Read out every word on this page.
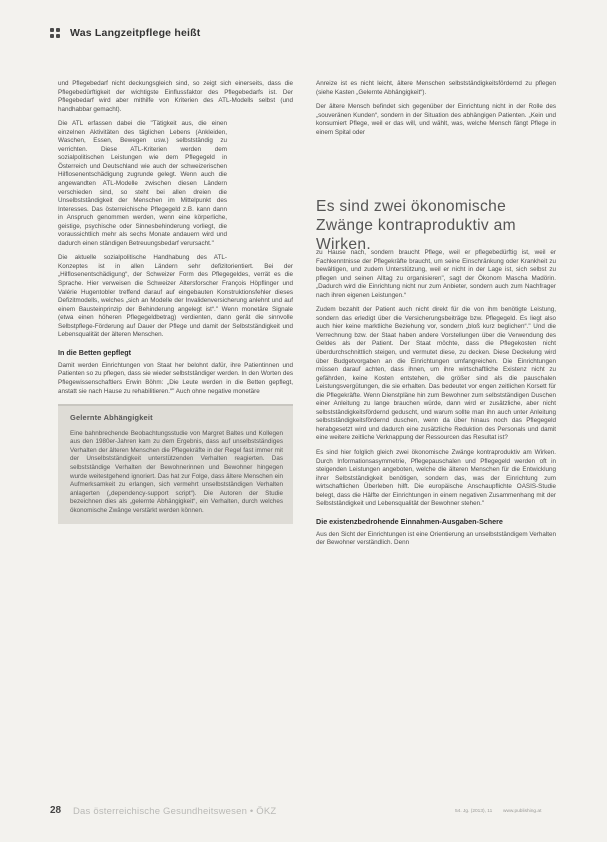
Was Langzeitpflege heißt

und Pflegebedarf nicht deckungsgleich sind, so zeigt sich einerseits, dass die Pflegebedürftigkeit der wichtigste Einflussfaktor des Pflegebedarfs ist. Der Pflegebedarf wird aber mithilfe von Kriterien des ATL-Modells selbst (und handhabbar gemacht).

Die ATL erfassen dabei die "Tätigkeit aus, die einen einzelnen Aktivitäten des täglichen Lebens (Ankleiden, Waschen, Essen, Bewegen usw.) selbstständig zu verrichten. Diese ATL-Kriterien werden dem sozialpolitischen Leistungen wie dem Pflegegeld in Österreich und Deutschland wie auch der schweizerischen Hilflosenentschädigung zugrunde gelegt. Wenn auch die angewandten ATL-Modelle zwischen diesen Ländern verschieden sind, so steht bei allen dreien die Unselbstständigkeit der Menschen im Mittelpunkt des Interesses. Das österreichische Pflegegeld z.B. kann dann in Anspruch genommen werden, wenn eine körperliche, geistige, psychische oder Sinnesbehinderung vorliegt, die voraussichtlich mehr als sechs Monate andauern wird und dadurch einen ständigen Betreuungsbedarf verursacht."

Die aktuelle sozialpolitische Handhabung des ATL-Konzeptes ist in allen Ländern sehr defizitorientiert. Bei der „Hilflosenentschädigung“, der Schweizer Form des Pflegegeldes, verrät es die Sprache. Hier verweisen die Schweizer Altersforscher François Höpflinger und Valérie Hugentobler treffend darauf auf eingebauten Konstruktionsfehler dieses Defizitmodells, welches „sich an Modelle der Invalidenversicherung anlehnt und auf einem Bausteinprinzip der Behinderung angelegt ist“." Wenn monetäre Signale (etwa einen höheren Pflegegeldbetrag) verdienten, dann gerät die sinnvolle Selbstpflege-Förderung auf Dauer der Pflege und damit der Selbstständigkeit und Lebensqualität der älteren Menschen.

In die Betten gepflegt

Damit werden Einrichtungen von Staat her belohnt dafür, ihre Patientinnen und Patienten so zu pflegen, dass sie wieder selbstständiger werden. In den Worten des Pflegewissenschaftlers Erwin Böhm: „Die Leute werden in die Betten gepflegt, anstatt sie nach Hause zu rehabilitieren.“" Auch ohne negative monetäre

Gelernte Abhängigkeit
Eine bahnbrechende Beobachtungsstudie von Margret Baltes und Kollegen aus den 1980er-Jahren kam zu dem Ergebnis, dass auf unselbstständiges Verhalten der älteren Menschen die Pflegekräfte in der Regel fast immer mit der Unselbstständigkeit unterstützenden Verhalten reagierten. Das selbstständige Verhalten der Bewohnerinnen und Bewohner hingegen wurde weitestgehend ignoriert. Das hat zur Folge, dass ältere Menschen ein Aufmerksamkeit zu erlangen, sich vermehrt unselbstständigen Verhalten anlagerten („dependency-support script“). Die Autoren der Studie bezeichnen dies als „gelernte Abhängigkeit“, ein Verhalten, durch welches ökonomische Zwänge verstärkt werden können.

Anreize ist es nicht leicht, ältere Menschen selbstständigkeitsfördernd zu pflegen (siehe Kasten „Gelernte Abhängigkeit“).

Der ältere Mensch befindet sich gegenüber der Einrichtung nicht in der Rolle des „souveränen Kunden“, sondern in der Situation des abhängigen Patienten. „Kein und konsumiert Pflege, weil er das will, und wählt, was, welche Mensch fängt Pflege in einem Spital oder

Es sind zwei ökonomische Zwänge kontraproduktiv am Wirken.

zu Hause nach, sondern braucht Pflege, weil er pflegebedürftig ist, weil er Fachkenntnisse der Pflegekräfte braucht, um seine Einschränkung oder Krankheit zu bewältigen, und zudem Unterstützung, weil er nicht in der Lage ist, sich selbst zu pflegen und seinen Alltag zu organisieren", sagt der Ökonom Mascha Madörin. „Dadurch wird die Einrichtung nicht nur zum Anbieter, sondern auch zum Nachfrager nach ihren eigenen Leistungen.“

Zudem bezahlt der Patient auch nicht direkt für die von ihm benötigte Leistung, sondern das erledigt über die Versicherungsbeiträge bzw. Pflegegeld. Es liegt also auch hier keine marktliche Beziehung vor, sondern „bloß kurz beglichen“." Und die Verrechnung bzw. der Staat haben andere Vorstellungen über die Verwendung des Geldes als der Patient. Der Staat möchte, dass die Pflegekosten nicht überdurchschnittlich steigen, und vermutet diese, zu decken. Diese Deckelung wird über Budgetvorgaben an die Einrichtungen umfangreichen. Die Einrichtungen müssen darauf achten, dass ihnen, um ihre wirtschaftliche Existenz nicht zu gefährden, keine Kosten entstehen, die größer sind als die pauschalen Leistungsvergütungen, die sie erhalten. Das bedeutet vor engen zeitlichen Korsett für die Pflegekräfte. Wenn Dienstpläne hin zum Bewohner zum selbstständigen Duschen einer Anleitung zu lange brauchen würde, dann wird er zusätzliche, aber nicht selbstständigkeitsfördernd geduscht, und warum sollte man ihn auch unter Anleitung selbstständigkeitsfördernd duschen, wenn da über hinaus noch das Pflegegeld herabgesetzt wird und dadurch eine zusätzliche Reduktion des Personals und damit eine weitere zeitliche Verknappung der Ressourcen das Resultat ist?

Es sind hier folglich gleich zwei ökonomische Zwänge kontraproduktiv am Wirken. Durch Informationsasymmetrie, Pflegepauschalen und Pflegegeld werden oft in steigenden Leistungen angeboten, welche die älteren Menschen für die Entwicklung ihrer Selbstständigkeit benötigen, sondern das, was der Einrichtung zum wirtschaftlichen Überleben hilft. Die europäische Anschaupflichte OASIS-Studie belegt, dass die Hälfte der Einrichtungen in einem negativen Zusammenhang mit der Selbstständigkeit und Lebensqualität der Bewohner stehen."

Die existenzbedrohende Einnahmen-Ausgaben-Schere

Aus den Sicht der Einrichtungen ist eine Orientierung an unselbstständigem Verhalten der Bewohner verständlich. Denn

28 Das österreichische Gesundheitswesen • ÖKZ	54. Jg. (2013), 11 www.publishing.at
